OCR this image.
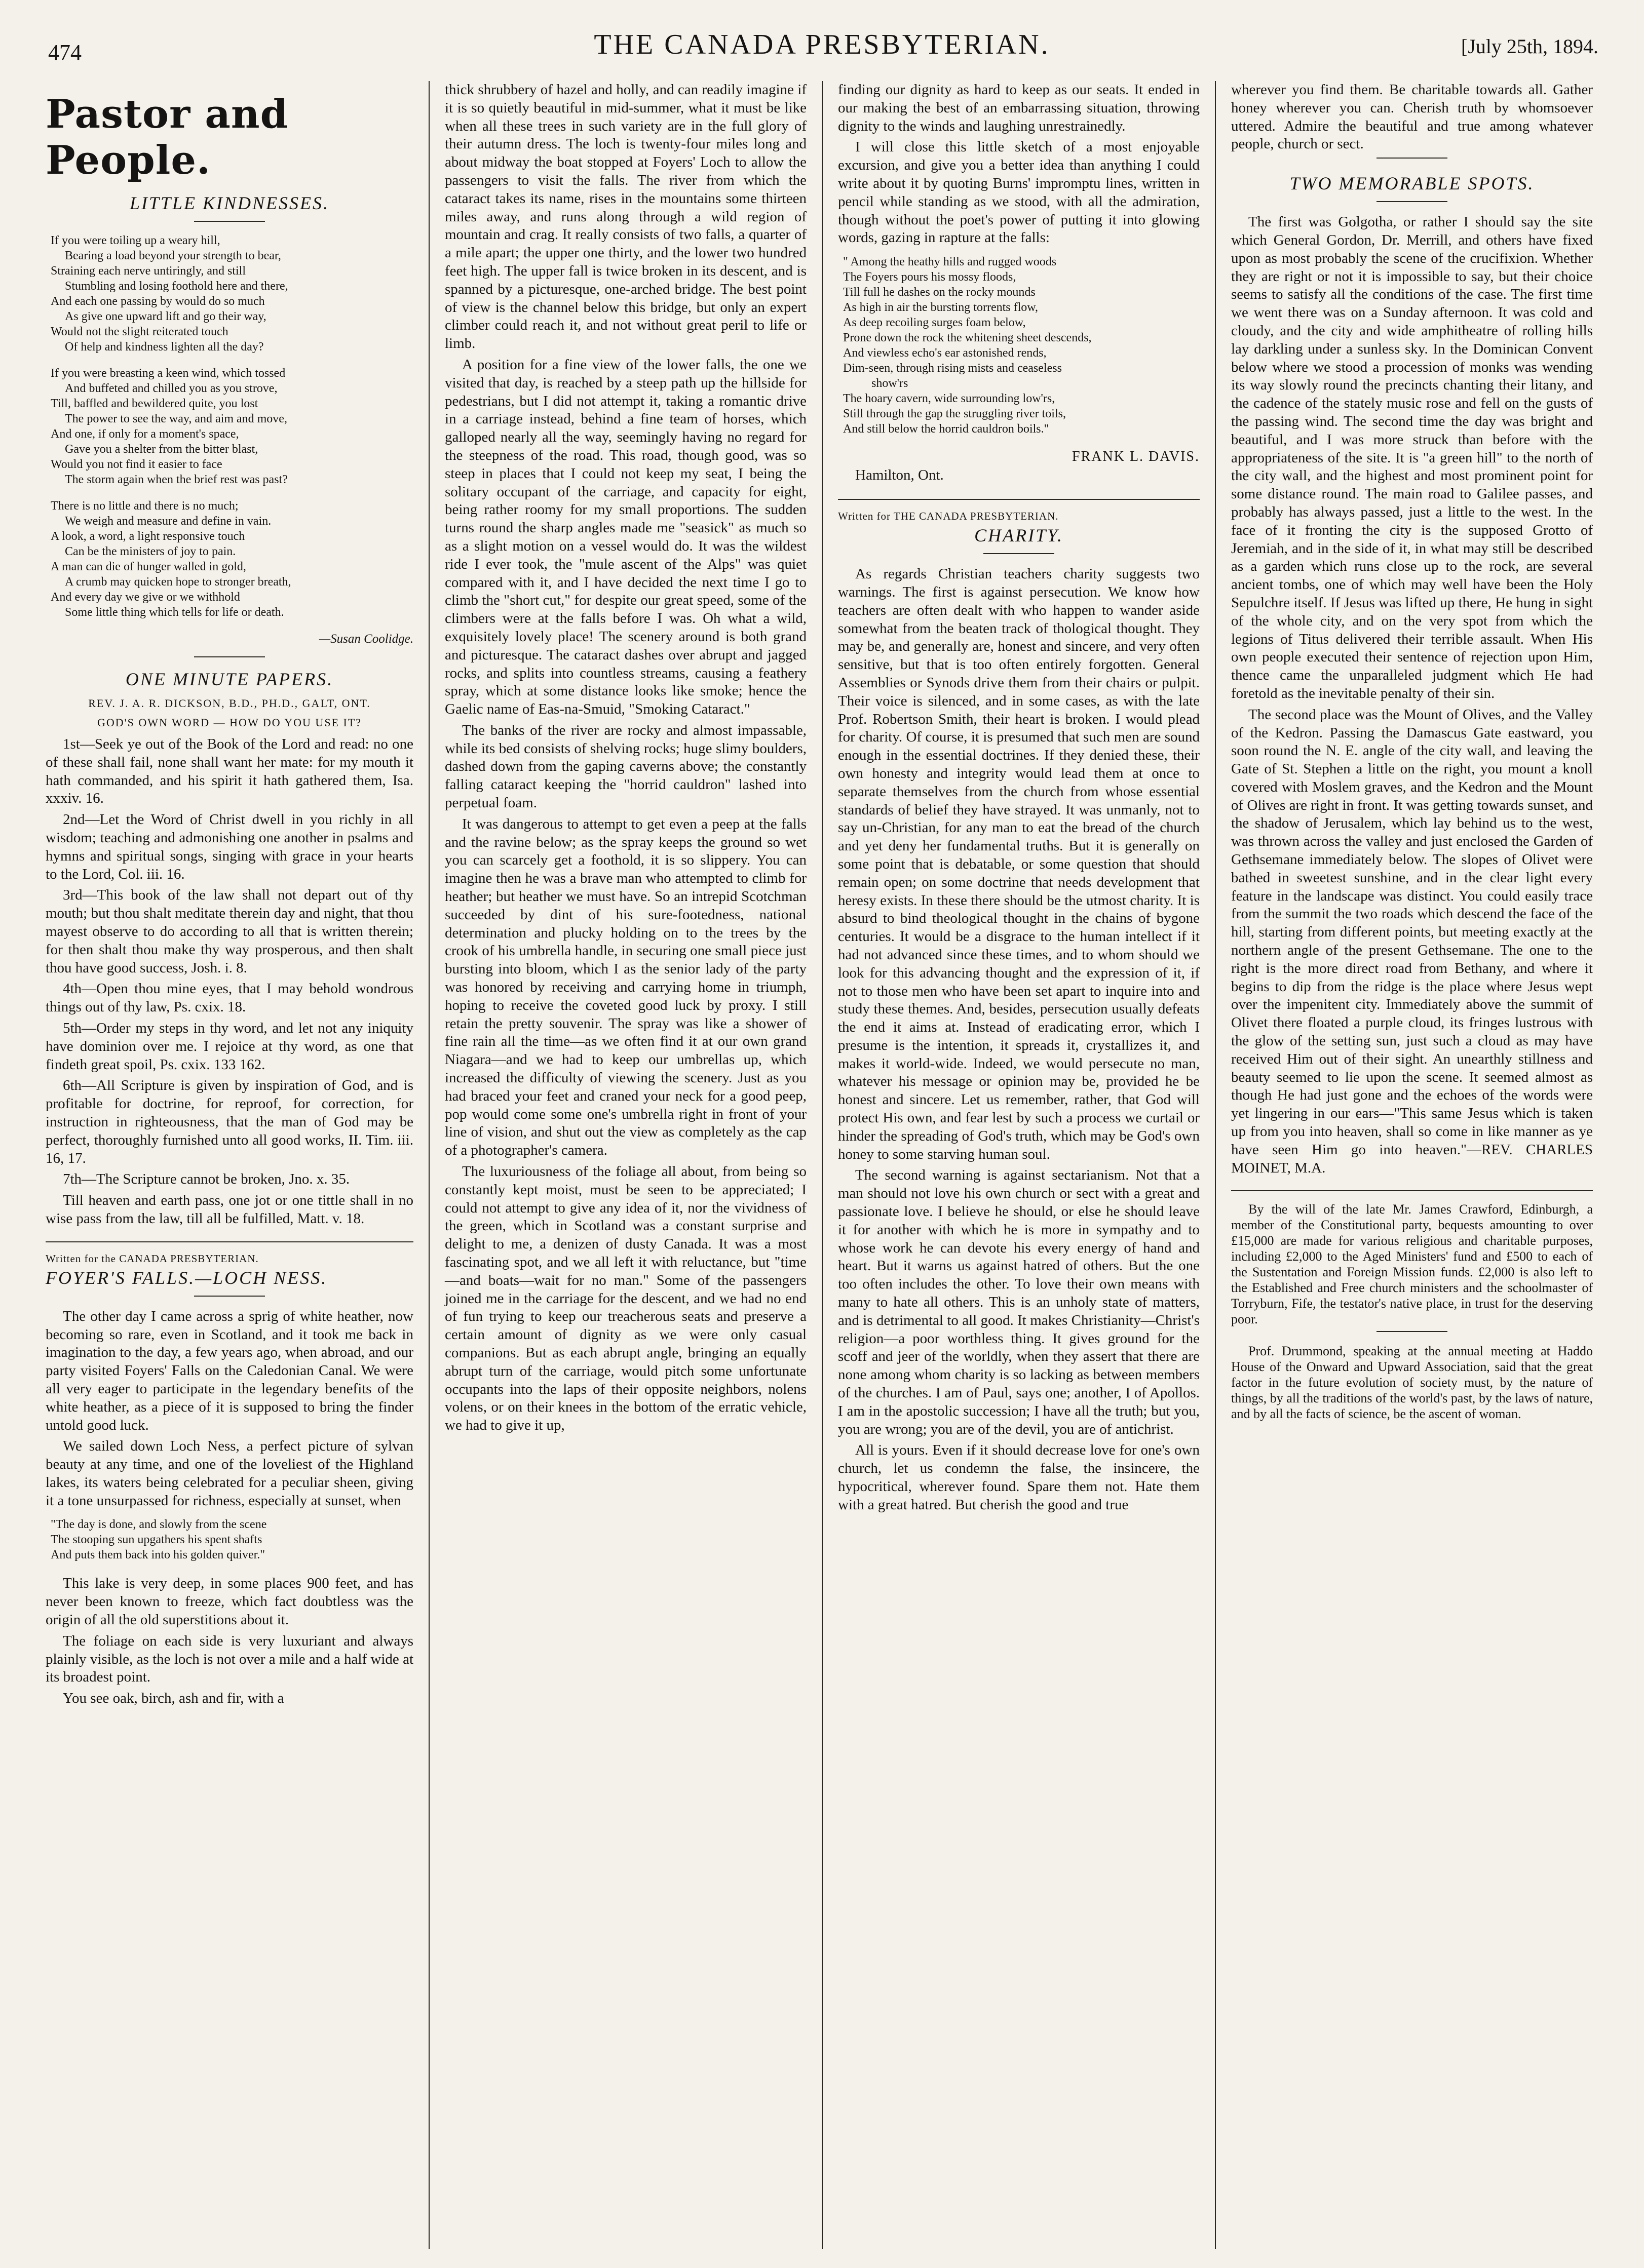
474	THE CANADA PRESBYTERIAN.	[July 25th, 1894.
Pastor and People.
LITTLE KINDNESSES.
If you were toiling up a weary hill,
Bearing a load beyond your strength to bear,
Straining each nerve untiringly, and still
Stumbling and losing foothold here and there,
And each one passing by would do so much
As give one upward lift and go their way,
Would not the slight reiterated touch
Of help and kindness lighten all the day?
If you were breasting a keen wind, which tossed
And buffeted and chilled you as you strove,
Till, baffled and bewildered quite, you lost
The power to see the way, and aim and move,
And one, if only for a moment's space,
Gave you a shelter from the bitter blast,
Would you not find it easier to face
The storm again when the brief rest was past?
There is no little and there is no much;
We weigh and measure and define in vain.
A look, a word, a light responsive touch
Can be the ministers of joy to pain.
A man can die of hunger walled in gold,
A crumb may quicken hope to stronger breath,
And every day we give or we withhold
Some little thing which tells for life or death.
—Susan Coolidge.
ONE MINUTE PAPERS.
REV. J. A. R. DICKSON, B.D., PH.D., GALT, ONT.
GOD'S OWN WORD — HOW DO YOU USE IT?

1st—Seek ye out of the Book of the Lord and read: no one of these shall fail, none shall want her mate: for my mouth it hath commanded, and his spirit it hath gathered them, Isa. xxxiv. 16.

2nd—Let the Word of Christ dwell in you richly in all wisdom; teaching and admonishing one another in psalms and hymns and spiritual songs, singing with grace in your hearts to the Lord, Col. iii. 16.

3rd—This book of the law shall not depart out of thy mouth; but thou shalt meditate therein day and night, that thou mayest observe to do according to all that is written therein; for then shalt thou make thy way prosperous, and then shalt thou have good success, Josh. i. 8.

4th—Open thou mine eyes, that I may behold wondrous things out of thy law, Ps. cxix. 18.

5th—Order my steps in thy word, and let not any iniquity have dominion over me. I rejoice at thy word, as one that findeth great spoil, Ps. cxix. 133 162.

6th—All Scripture is given by inspiration of God, and is profitable for doctrine, for reproof, for correction, for instruction in righteousness, that the man of God may be perfect, thoroughly furnished unto all good works, II. Tim. iii. 16, 17.

7th—The Scripture cannot be broken, Jno. x. 35.

Till heaven and earth pass, one jot or one tittle shall in no wise pass from the law, till all be fulfilled, Matt. v. 18.

Written for the CANADA PRESBYTERIAN.
FOYER'S FALLS.—LOCH NESS.

The other day I came across a sprig of white heather, now becoming so rare, even in Scotland, and it took me back in imagination to the day, a few years ago, when abroad, and our party visited Foyers' Falls on the Caledonian Canal. We were all very eager to participate in the legendary benefits of the white heather, as a piece of it is supposed to bring the finder untold good luck.

We sailed down Loch Ness, a perfect picture of sylvan beauty at any time, and one of the loveliest of the Highland lakes, its waters being celebrated for a peculiar sheen, giving it a tone unsurpassed for richness, especially at sunset, when

"The day is done, and slowly from the scene
The stooping sun upgathers his spent shafts
And puts them back into his golden quiver."

This lake is very deep, in some places 900 feet, and has never been known to freeze, which fact doubtless was the origin of all the old superstitions about it.

The foliage on each side is very luxuriant and always plainly visible, as the loch is not over a mile and a half wide at its broadest point.

You see oak, birch, ash and fir, with a

thick shrubbery of hazel and holly, and can readily imagine if it is so quietly beautiful in mid-summer, what it must be like when all these trees in such variety are in the full glory of their autumn dress. The loch is twenty-four miles long and about midway the boat stopped at Foyers' Loch to allow the passengers to visit the falls. The river from which the cataract takes its name, rises in the mountains some thirteen miles away, and runs along through a wild region of mountain and crag. It really consists of two falls, a quarter of a mile apart; the upper one thirty, and the lower two hundred feet high. The upper fall is twice broken in its descent, and is spanned by a picturesque, one-arched bridge. The best point of view is the channel below this bridge, but only an expert climber could reach it, and not without great peril to life or limb.

A position for a fine view of the lower falls, the one we visited that day, is reached by a steep path up the hillside for pedestrians, but I did not attempt it, taking a romantic drive in a carriage instead, behind a fine team of horses, which galloped nearly all the way, seemingly having no regard for the steepness of the road. This road, though good, was so steep in places that I could not keep my seat, I being the solitary occupant of the carriage, and capacity for eight, being rather roomy for my small proportions. The sudden turns round the sharp angles made me "seasick" as much so as a slight motion on a vessel would do. It was the wildest ride I ever took, the "mule ascent of the Alps" was quiet compared with it, and I have decided the next time I go to climb the "short cut," for despite our great speed, some of the climbers were at the falls before I was. Oh what a wild, exquisitely lovely place! The scenery around is both grand and picturesque. The cataract dashes over abrupt and jagged rocks, and splits into countless streams, causing a feathery spray, which at some distance looks like smoke; hence the Gaelic name of Eas-na-Smuid, "Smoking Cataract."

The banks of the river are rocky and almost impassable, while its bed consists of shelving rocks; huge slimy boulders, dashed down from the gaping caverns above; the constantly falling cataract keeping the "horrid cauldron" lashed into perpetual foam.

It was dangerous to attempt to get even a peep at the falls and the ravine below; as the spray keeps the ground so wet you can scarcely get a foothold, it is so slippery. You can imagine then he was a brave man who attempted to climb for heather; but heather we must have. So an intrepid Scotchman succeeded by dint of his sure-footedness, national determination and plucky holding on to the trees by the crook of his umbrella handle, in securing one small piece just bursting into bloom, which I as the senior lady of the party was honored by receiving and carrying home in triumph, hoping to receive the coveted good luck by proxy. I still retain the pretty souvenir. The spray was like a shower of fine rain all the time—as we often find it at our own grand Niagara—and we had to keep our umbrellas up, which increased the difficulty of viewing the scenery. Just as you had braced your feet and craned your neck for a good peep, pop would come some one's umbrella right in front of your line of vision, and shut out the view as completely as the cap of a photographer's camera.

The luxuriousness of the foliage all about, from being so constantly kept moist, must be seen to be appreciated; I could not attempt to give any idea of it, nor the vividness of the green, which in Scotland was a constant surprise and delight to me, a denizen of dusty Canada. It was a most fascinating spot, and we all left it with reluctance, but "time—and boats—wait for no man." Some of the passengers joined me in the carriage for the descent, and we had no end of fun trying to keep our treacherous seats and preserve a certain amount of dignity as we were only casual companions. But as each abrupt angle, bringing an equally abrupt turn of the carriage, would pitch some unfortunate occupants into the laps of their opposite neighbors, nolens volens, or on their knees in the bottom of the erratic vehicle, we had to give it up,

finding our dignity as hard to keep as our seats. It ended in our making the best of an embarrassing situation, throwing dignity to the winds and laughing unrestrainedly.

I will close this little sketch of a most enjoyable excursion, and give you a better idea than anything I could write about it by quoting Burns' impromptu lines, written in pencil while standing as we stood, with all the admiration, though without the poet's power of putting it into glowing words, gazing in rapture at the falls:

" Among the heathy hills and rugged woods
The Foyers pours his mossy floods,
Till full he dashes on the rocky mounds
As high in air the bursting torrents flow,
As deep recoiling surges foam below,
Prone down the rock the whitening sheet descends,
And viewless echo's ear astonished rends,
Dim-seen, through rising mists and ceaseless
show'rs
The hoary cavern, wide surrounding low'rs,
Still through the gap the struggling river toils,
And still below the horrid cauldron boils."
FRANK L. DAVIS.
Hamilton, Ont.
Written for THE CANADA PRESBYTERIAN.
CHARITY.

As regards Christian teachers charity suggests two warnings. The first is against persecution. We know how teachers are often dealt with who happen to wander aside somewhat from the beaten track of thological thought. They may be, and generally are, honest and sincere, and very often sensitive, but that is too often entirely forgotten. General Assemblies or Synods drive them from their chairs or pulpit. Their voice is silenced, and in some cases, as with the late Prof. Robertson Smith, their heart is broken. I would plead for charity. Of course, it is presumed that such men are sound enough in the essential doctrines. If they denied these, their own honesty and integrity would lead them at once to separate themselves from the church from whose essential standards of belief they have strayed. It was unmanly, not to say un-Christian, for any man to eat the bread of the church and yet deny her fundamental truths. But it is generally on some point that is debatable, or some question that should remain open; on some doctrine that needs development that heresy exists. In these there should be the utmost charity. It is absurd to bind theological thought in the chains of bygone centuries. It would be a disgrace to the human intellect if it had not advanced since these times, and to whom should we look for this advancing thought and the expression of it, if not to those men who have been set apart to inquire into and study these themes. And, besides, persecution usually defeats the end it aims at. Instead of eradicating error, which I presume is the intention, it spreads it, crystallizes it, and makes it world-wide. Indeed, we would persecute no man, whatever his message or opinion may be, provided he be honest and sincere. Let us remember, rather, that God will protect His own, and fear lest by such a process we curtail or hinder the spreading of God's truth, which may be God's own honey to some starving human soul.

The second warning is against sectarianism. Not that a man should not love his own church or sect with a great and passionate love. I believe he should, or else he should leave it for another with which he is more in sympathy and to whose work he can devote his every energy of hand and heart. But it warns us against hatred of others. But the one too often includes the other. To love their own means with many to hate all others. This is an unholy state of matters, and is detrimental to all good. It makes Christianity—Christ's religion—a poor worthless thing. It gives ground for the scoff and jeer of the worldly, when they assert that there are none among whom charity is so lacking as between members of the churches. I am of Paul, says one; another, I of Apollos. I am in the apostolic succession; I have all the truth; but you, you are wrong; you are of the devil, you are of antichrist.

All is yours. Even if it should decrease love for one's own church, let us condemn the false, the insincere, the hypocritical, wherever found. Spare them not. Hate them with a great hatred. But cherish the good and true

wherever you find them. Be charitable towards all. Gather honey wherever you can. Cherish truth by whomsoever uttered. Admire the beautiful and true among whatever people, church or sect.

TWO MEMORABLE SPOTS.

The first was Golgotha, or rather I should say the site which General Gordon, Dr. Merrill, and others have fixed upon as most probably the scene of the crucifixion. Whether they are right or not it is impossible to say, but their choice seems to satisfy all the conditions of the case. The first time we went there was on a Sunday afternoon. It was cold and cloudy, and the city and wide amphitheatre of rolling hills lay darkling under a sunless sky. In the Dominican Convent below where we stood a procession of monks was wending its way slowly round the precincts chanting their litany, and the cadence of the stately music rose and fell on the gusts of the passing wind. The second time the day was bright and beautiful, and I was more struck than before with the appropriateness of the site. It is "a green hill" to the north of the city wall, and the highest and most prominent point for some distance round. The main road to Galilee passes, and probably has always passed, just a little to the west. In the face of it fronting the city is the supposed Grotto of Jeremiah, and in the side of it, in what may still be described as a garden which runs close up to the rock, are several ancient tombs, one of which may well have been the Holy Sepulchre itself. If Jesus was lifted up there, He hung in sight of the whole city, and on the very spot from which the legions of Titus delivered their terrible assault. When His own people executed their sentence of rejection upon Him, thence came the unparalleled judgment which He had foretold as the inevitable penalty of their sin.

The second place was the Mount of Olives, and the Valley of the Kedron. Passing the Damascus Gate eastward, you soon round the N. E. angle of the city wall, and leaving the Gate of St. Stephen a little on the right, you mount a knoll covered with Moslem graves, and the Kedron and the Mount of Olives are right in front. It was getting towards sunset, and the shadow of Jerusalem, which lay behind us to the west, was thrown across the valley and just enclosed the Garden of Gethsemane immediately below. The slopes of Olivet were bathed in sweetest sunshine, and in the clear light every feature in the landscape was distinct. You could easily trace from the summit the two roads which descend the face of the hill, starting from different points, but meeting exactly at the northern angle of the present Gethsemane. The one to the right is the more direct road from Bethany, and where it begins to dip from the ridge is the place where Jesus wept over the impenitent city. Immediately above the summit of Olivet there floated a purple cloud, its fringes lustrous with the glow of the setting sun, just such a cloud as may have received Him out of their sight. An unearthly stillness and beauty seemed to lie upon the scene. It seemed almost as though He had just gone and the echoes of the words were yet lingering in our ears—"This same Jesus which is taken up from you into heaven, shall so come in like manner as ye have seen Him go into heaven."—REV. CHARLES MOINET, M.A.

By the will of the late Mr. James Crawford, Edinburgh, a member of the Constitutional party, bequests amounting to over £15,000 are made for various religious and charitable purposes, including £2,000 to the Aged Ministers' fund and £500 to each of the Sustentation and Foreign Mission funds. £2,000 is also left to the Established and Free church ministers and the schoolmaster of Torryburn, Fife, the testator's native place, in trust for the deserving poor.

Prof. Drummond, speaking at the annual meeting at Haddo House of the Onward and Upward Association, said that the great factor in the future evolution of society must, by the nature of things, by all the traditions of the world's past, by the laws of nature, and by all the facts of science, be the ascent of woman.
